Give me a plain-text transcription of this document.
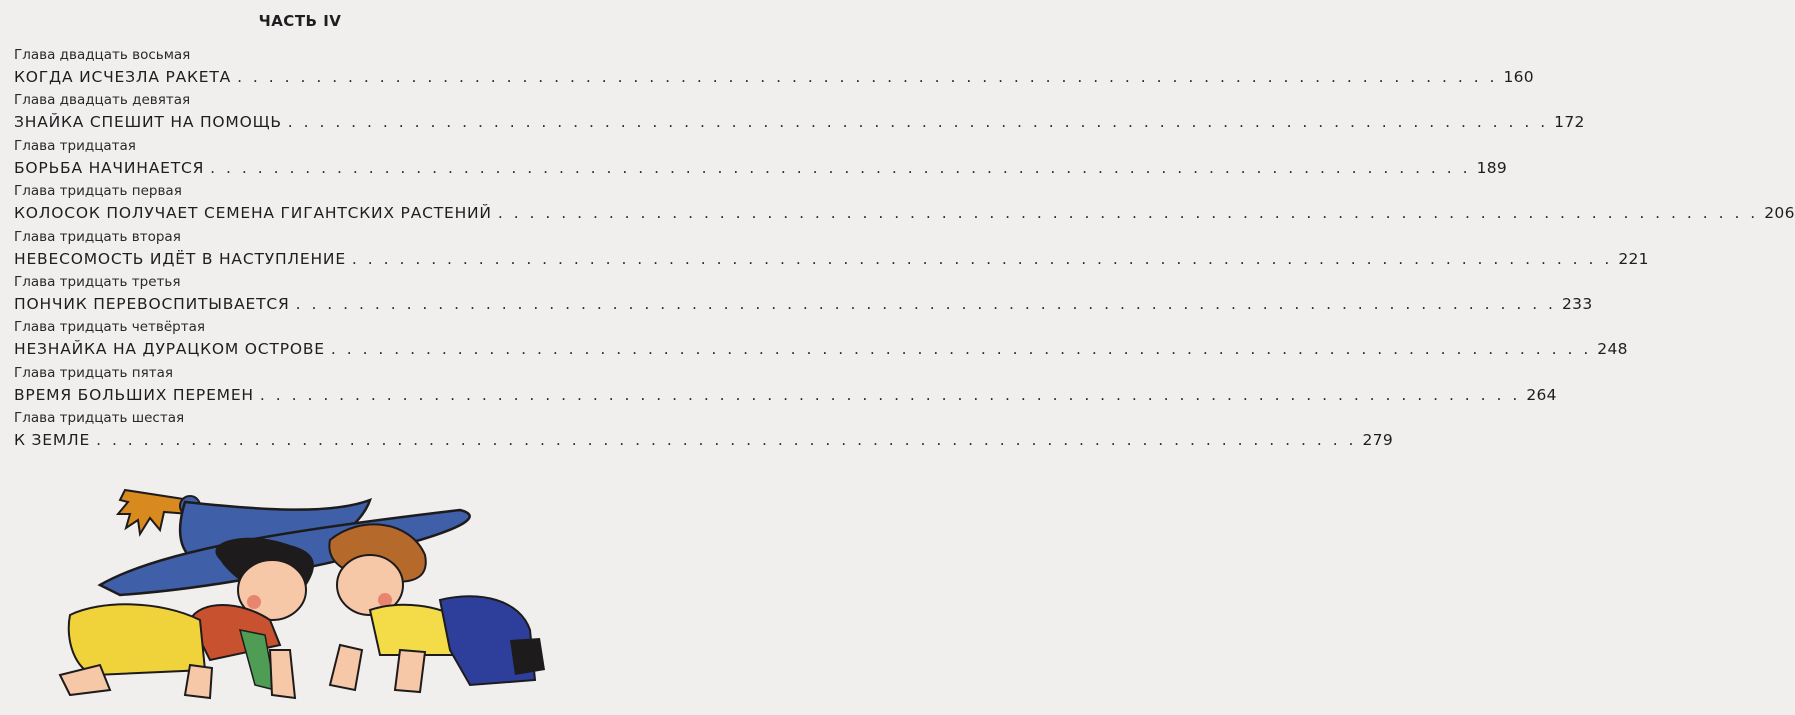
ЧАСТЬ IV
Глава двадцать восьмая
КОГДА ИСЧЕЗЛА РАКЕТА . . . . . . . . . . . . . . . . . . . . . . . . . . . . . . . . . . . . . . . . . . . . . . . . . . . . . . . . . . . . . . . . . . . . . . . . . . . . . . . . 160
Глава двадцать девятая
ЗНАЙКА СПЕШИТ НА ПОМОЩЬ . . . . . . . . . . . . . . . . . . . . . . . . . . . . . . . . . . . . . . . . . . . . . . . . . . . . . . . . . . . . . . . . . . . . . . . . . . . . . . . . 172
Глава тридцатая
БОРЬБА НАЧИНАЕТСЯ . . . . . . . . . . . . . . . . . . . . . . . . . . . . . . . . . . . . . . . . . . . . . . . . . . . . . . . . . . . . . . . . . . . . . . . . . . . . . . . . 189
Глава тридцать первая
КОЛОСОК ПОЛУЧАЕТ СЕМЕНА ГИГАНТСКИХ РАСТЕНИЙ . . . . . . . . . . . . . . . . . . . . . . . . . . . . . . . . . . . . . . . . . . . . . . . . . . . . . . . . . . . . . . . . . . . . . . . . . . . . . . . . 206
Глава тридцать вторая
НЕВЕСОМОСТЬ ИДЁТ В НАСТУПЛЕНИЕ . . . . . . . . . . . . . . . . . . . . . . . . . . . . . . . . . . . . . . . . . . . . . . . . . . . . . . . . . . . . . . . . . . . . . . . . . . . . . . . . 221
Глава тридцать третья
ПОНЧИК ПЕРЕВОСПИТЫВАЕТСЯ . . . . . . . . . . . . . . . . . . . . . . . . . . . . . . . . . . . . . . . . . . . . . . . . . . . . . . . . . . . . . . . . . . . . . . . . . . . . . . . . 233
Глава тридцать четвёртая
НЕЗНАЙКА НА ДУРАЦКОМ ОСТРОВЕ . . . . . . . . . . . . . . . . . . . . . . . . . . . . . . . . . . . . . . . . . . . . . . . . . . . . . . . . . . . . . . . . . . . . . . . . . . . . . . . . 248
Глава тридцать пятая
ВРЕМЯ БОЛЬШИХ ПЕРЕМЕН . . . . . . . . . . . . . . . . . . . . . . . . . . . . . . . . . . . . . . . . . . . . . . . . . . . . . . . . . . . . . . . . . . . . . . . . . . . . . . . . 264
Глава тридцать шестая
К ЗЕМЛЕ . . . . . . . . . . . . . . . . . . . . . . . . . . . . . . . . . . . . . . . . . . . . . . . . . . . . . . . . . . . . . . . . . . . . . . . . . . . . . . . . 279
